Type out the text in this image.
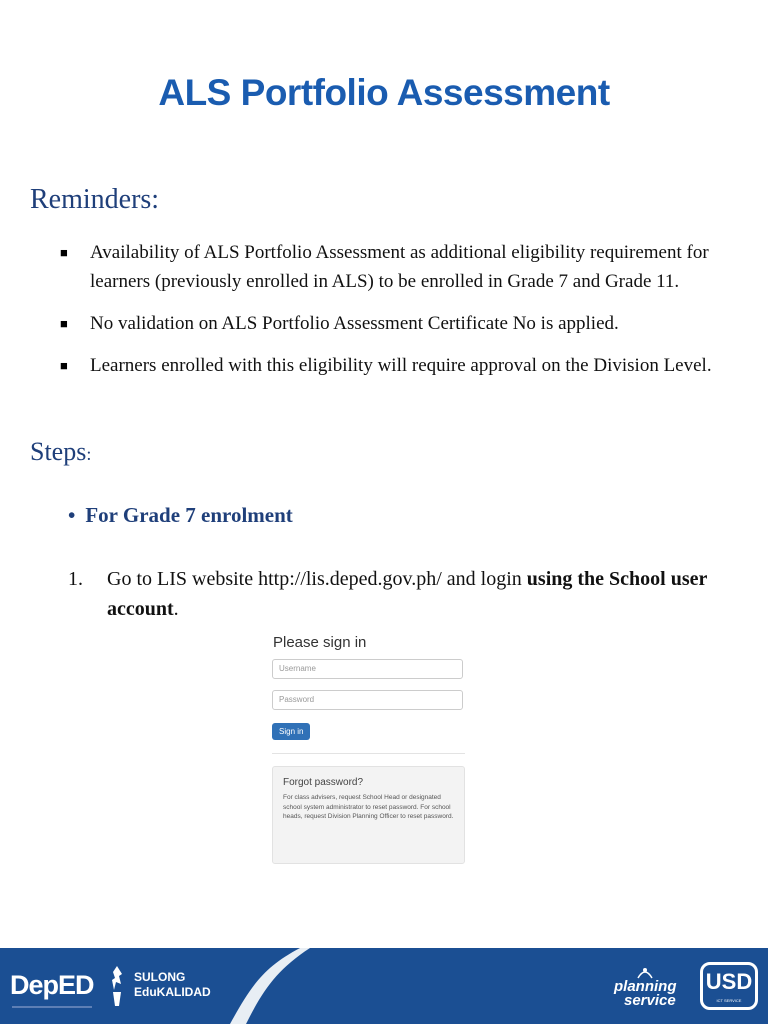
ALS Portfolio Assessment
Reminders:
■	Availability of ALS Portfolio Assessment as additional eligibility requirement for learners (previously enrolled in ALS) to be enrolled in Grade 7 and Grade 11.
■	No validation on ALS Portfolio Assessment Certificate No is applied.
■	Learners enrolled with this eligibility will require approval on the Division Level.
Steps:
• For Grade 7 enrolment
1.	Go to LIS website http://lis.deped.gov.ph/ and login using the School user account.
Please sign in
Username
Password
Sign in
Forgot password?
For class advisers, request School Head or designated school system administrator to reset password. For school heads, request Division Planning Officer to reset password.
DepED	SULONG
EduKALIDAD	planning
service
USD
ICT SERVICE
